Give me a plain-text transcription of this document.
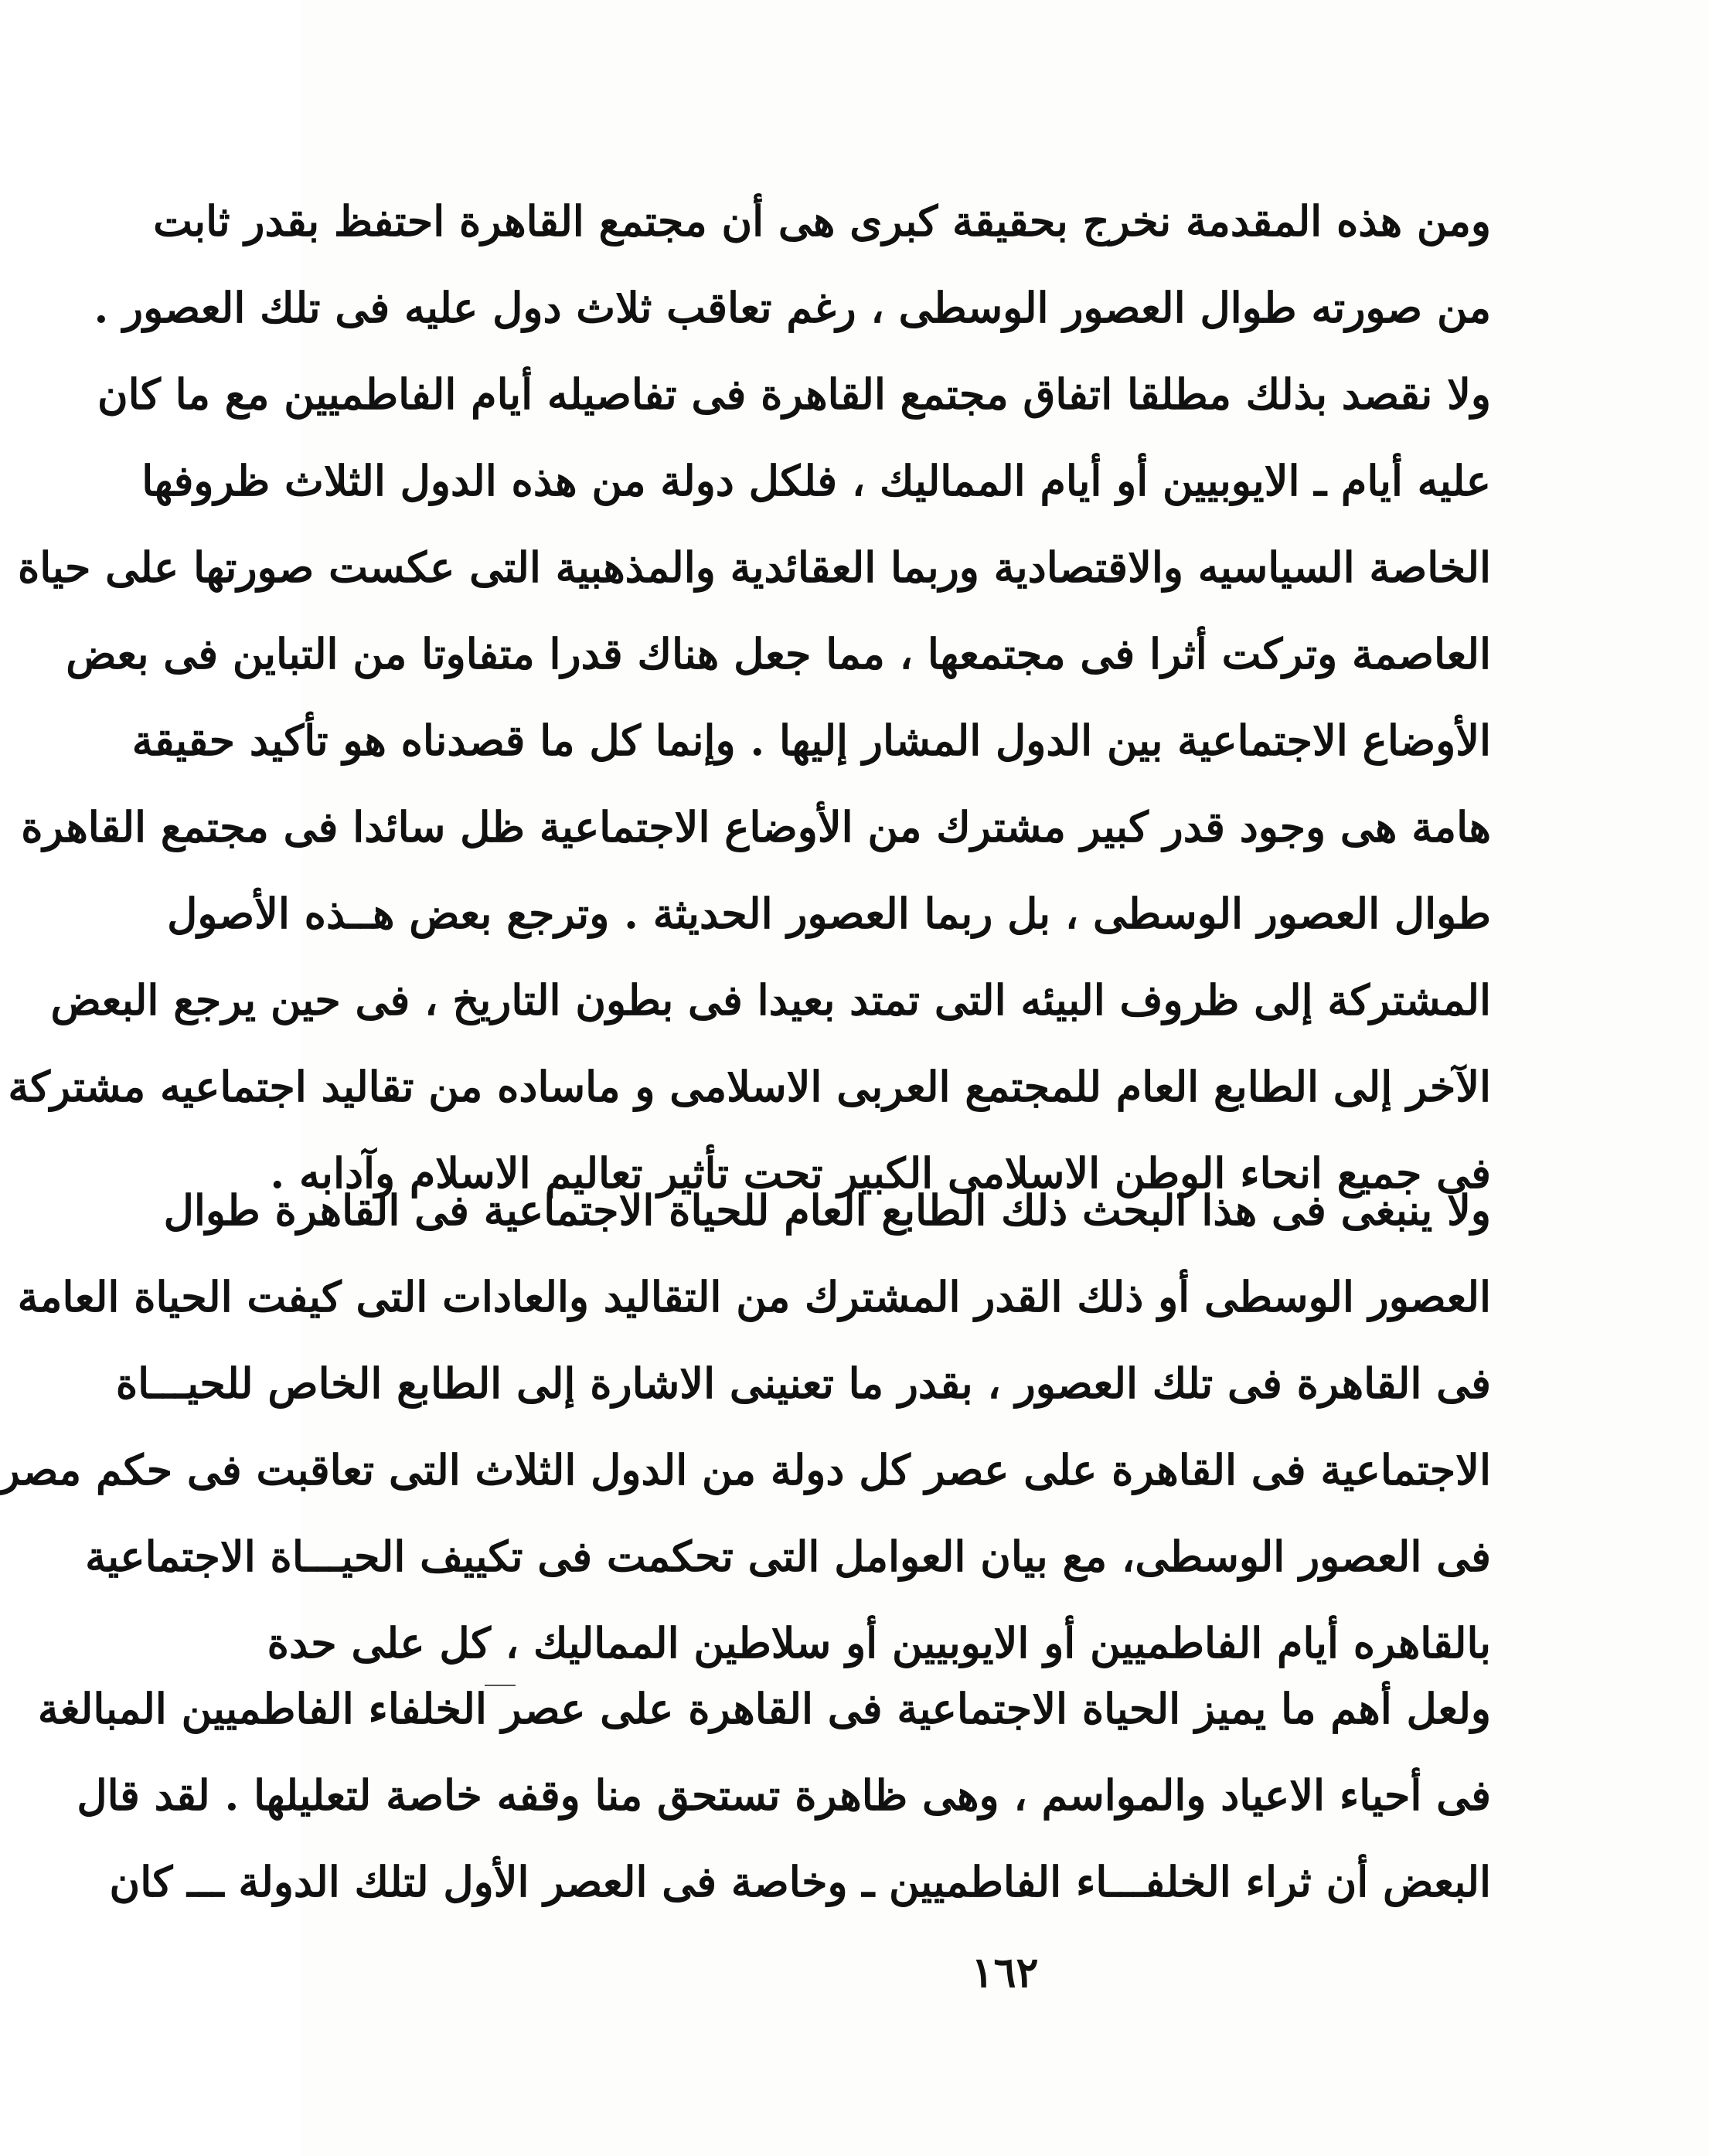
ومن هذه المقدمة نخرج بحقيقة كبرى هى أن مجتمع القاهرة احتفظ بقدر ثابت
من صورته طوال العصور الوسطى ، رغم تعاقب ثلاث دول عليه فى تلك العصور .
ولا نقصد بذلك مطلقا اتفاق مجتمع القاهرة فى تفاصيله أيام الفاطميين مع ما كان
عليه أيام ـ الايوبيين أو أيام المماليك ، فلكل دولة من هذه الدول الثلاث ظروفها
الخاصة السياسيه والاقتصادية وربما العقائدية والمذهبية التى عكست صورتها على حياة
العاصمة وتركت أثرا فى مجتمعها ، مما جعل هناك قدرا متفاوتا من التباين فى بعض
الأوضاع الاجتماعية بين الدول المشار إليها . وإنما كل ما قصدناه هو تأكيد حقيقة
هامة هى وجود قدر كبير مشترك من الأوضاع الاجتماعية ظل سائدا فى مجتمع القاهرة
طوال العصور الوسطى ، بل ربما العصور الحديثة . وترجع بعض هــذه الأصول
المشتركة إلى ظروف البيئه التى تمتد بعيدا فى بطون التاريخ ، فى حين يرجع البعض
الآخر إلى الطابع العام للمجتمع العربى الاسلامى و ماساده من تقاليد اجتماعيه مشتركة
فى جميع انحاء الوطن الاسلامى الكبير تحت تأثير تعاليم الاسلام وآدابه .
ولا ينبغى فى هذا البحث ذلك الطابع العام للحياة الاجتماعية فى القاهرة طوال
العصور الوسطى أو ذلك القدر المشترك من التقاليد والعادات التى كيفت الحياة العامة
فى القاهرة فى تلك العصور ، بقدر ما تعنينى الاشارة إلى الطابع الخاص للحيـــاة
الاجتماعية فى القاهرة على عصر كل دولة من الدول الثلاث التى تعاقبت فى حكم مصر
فى العصور الوسطى، مع بيان العوامل التى تحكمت فى تكييف الحيـــاة الاجتماعية
بالقاهره أيام الفاطميين أو الايوبيين أو سلاطين المماليك ، كل على حدة
ولعل أهم ما يميز الحياة الاجتماعية فى القاهرة على عصر الخلفاء الفاطميين المبالغة
فى أحياء الاعياد والمواسم ، وهى ظاهرة تستحق منا وقفه خاصة لتعليلها . لقد قال
البعض أن ثراء الخلفـــاء الفاطميين ـ وخاصة فى العصر الأول لتلك الدولة ـــ كان
١٦٢
